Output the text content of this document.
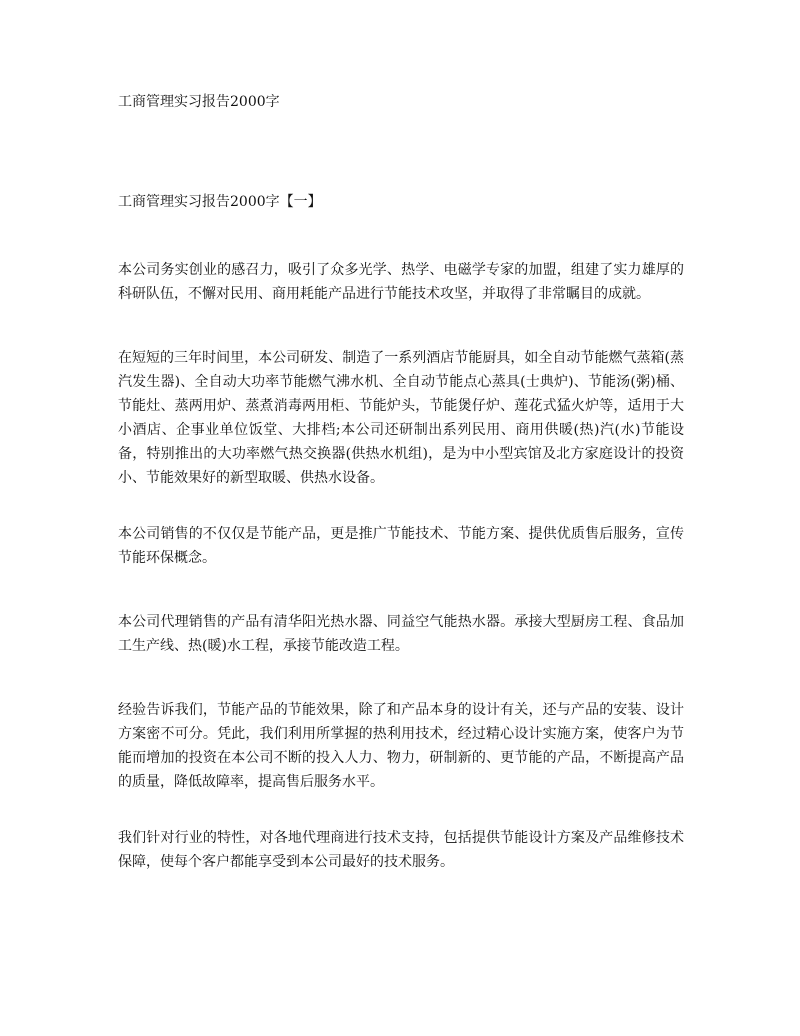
工商管理实习报告2000字
工商管理实习报告2000字【一】

本公司务实创业的感召力，吸引了众多光学、热学、电磁学专家的加盟，组建了实力雄厚的科研队伍，不懈对民用、商用耗能产品进行节能技术攻坚，并取得了非常瞩目的成就。

在短短的三年时间里，本公司研发、制造了一系列酒店节能厨具，如全自动节能燃气蒸箱(蒸汽发生器)、全自动大功率节能燃气沸水机、全自动节能点心蒸具(士典炉)、节能汤(粥)桶、节能灶、蒸两用炉、蒸煮消毒两用柜、节能炉头，节能煲仔炉、莲花式猛火炉等，适用于大小酒店、企事业单位饭堂、大排档;本公司还研制出系列民用、商用供暖(热)汽(水)节能设备，特别推出的大功率燃气热交换器(供热水机组)，是为中小型宾馆及北方家庭设计的投资小、节能效果好的新型取暖、供热水设备。

本公司销售的不仅仅是节能产品，更是推广节能技术、节能方案、提供优质售后服务，宣传节能环保概念。

本公司代理销售的产品有清华阳光热水器、同益空气能热水器。承接大型厨房工程、食品加工生产线、热(暖)水工程，承接节能改造工程。

经验告诉我们，节能产品的节能效果，除了和产品本身的设计有关，还与产品的安装、设计方案密不可分。凭此，我们利用所掌握的热利用技术，经过精心设计实施方案，使客户为节能而增加的投资在本公司不断的投入人力、物力，研制新的、更节能的产品，不断提高产品的质量，降低故障率，提高售后服务水平。

我们针对行业的特性，对各地代理商进行技术支持，包括提供节能设计方案及产品维修技术保障，使每个客户都能享受到本公司最好的技术服务。
